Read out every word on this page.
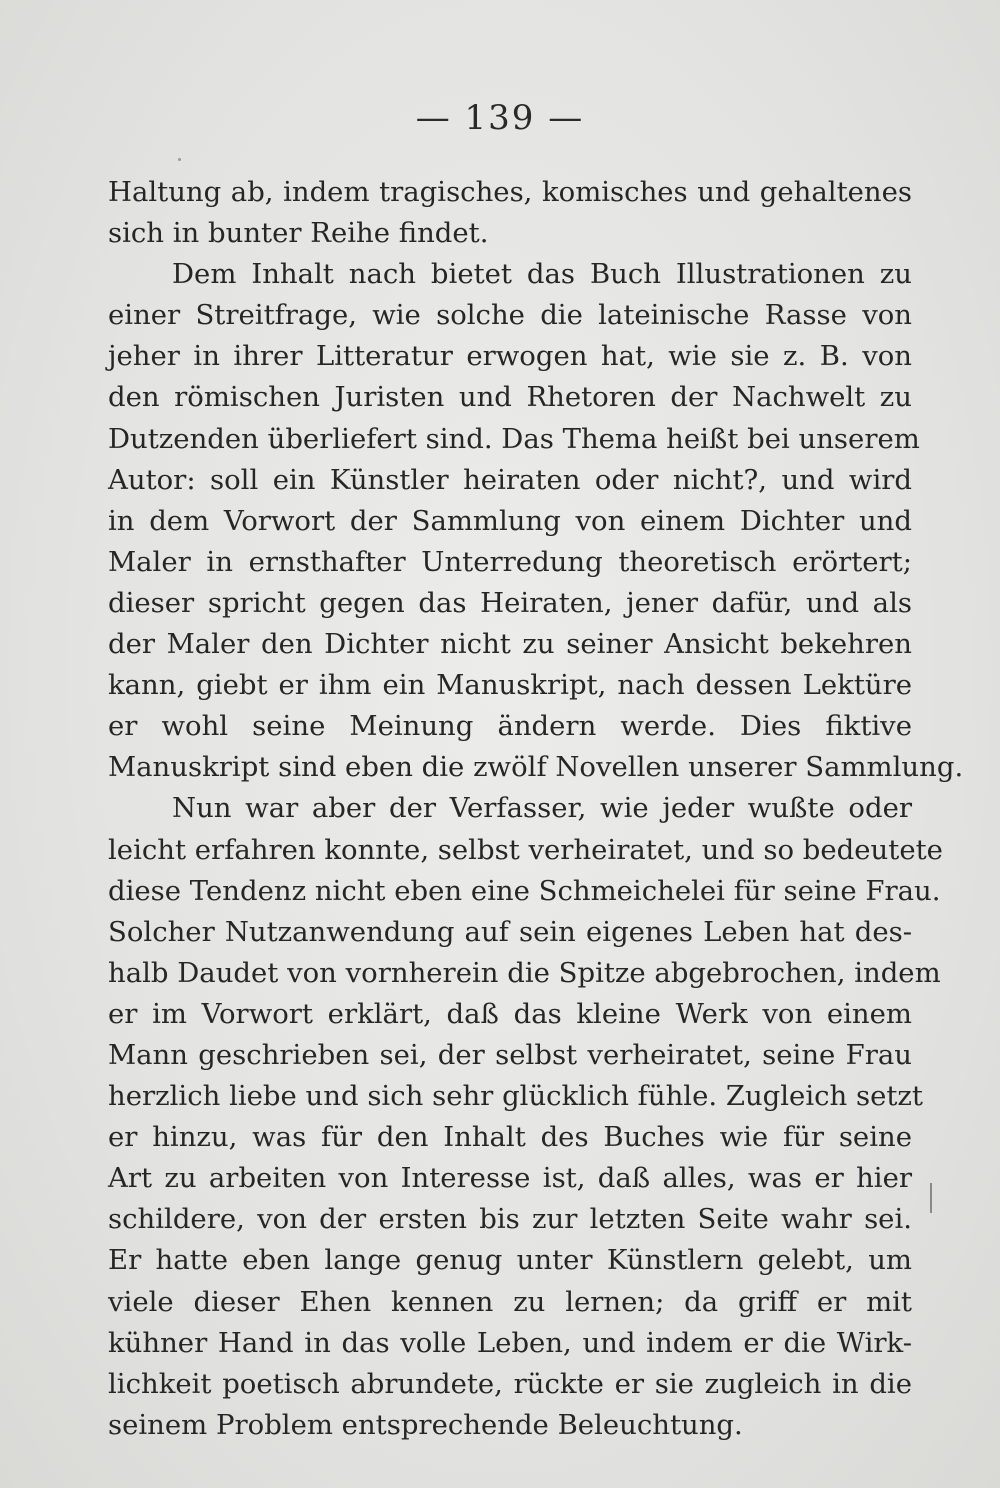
— 139 —
Haltung ab, indem tragisches, komisches und gehaltenes
sich in bunter Reihe findet.
Dem Inhalt nach bietet das Buch Illustrationen zu
einer Streitfrage, wie solche die lateinische Rasse von
jeher in ihrer Litteratur erwogen hat, wie sie z. B. von
den römischen Juristen und Rhetoren der Nachwelt zu
Dutzenden überliefert sind. Das Thema heißt bei unserem
Autor: soll ein Künstler heiraten oder nicht?, und wird
in dem Vorwort der Sammlung von einem Dichter und
Maler in ernsthafter Unterredung theoretisch erörtert;
dieser spricht gegen das Heiraten, jener dafür, und als
der Maler den Dichter nicht zu seiner Ansicht bekehren
kann, giebt er ihm ein Manuskript, nach dessen Lektüre
er wohl seine Meinung ändern werde. Dies fiktive
Manuskript sind eben die zwölf Novellen unserer Sammlung.
Nun war aber der Verfasser, wie jeder wußte oder
leicht erfahren konnte, selbst verheiratet, und so bedeutete
diese Tendenz nicht eben eine Schmeichelei für seine Frau.
Solcher Nutzanwendung auf sein eigenes Leben hat des-
halb Daudet von vornherein die Spitze abgebrochen, indem
er im Vorwort erklärt, daß das kleine Werk von einem
Mann geschrieben sei, der selbst verheiratet, seine Frau
herzlich liebe und sich sehr glücklich fühle. Zugleich setzt
er hinzu, was für den Inhalt des Buches wie für seine
Art zu arbeiten von Interesse ist, daß alles, was er hier
schildere, von der ersten bis zur letzten Seite wahr sei.
Er hatte eben lange genug unter Künstlern gelebt, um
viele dieser Ehen kennen zu lernen; da griff er mit
kühner Hand in das volle Leben, und indem er die Wirk-
lichkeit poetisch abrundete, rückte er sie zugleich in die
seinem Problem entsprechende Beleuchtung.
